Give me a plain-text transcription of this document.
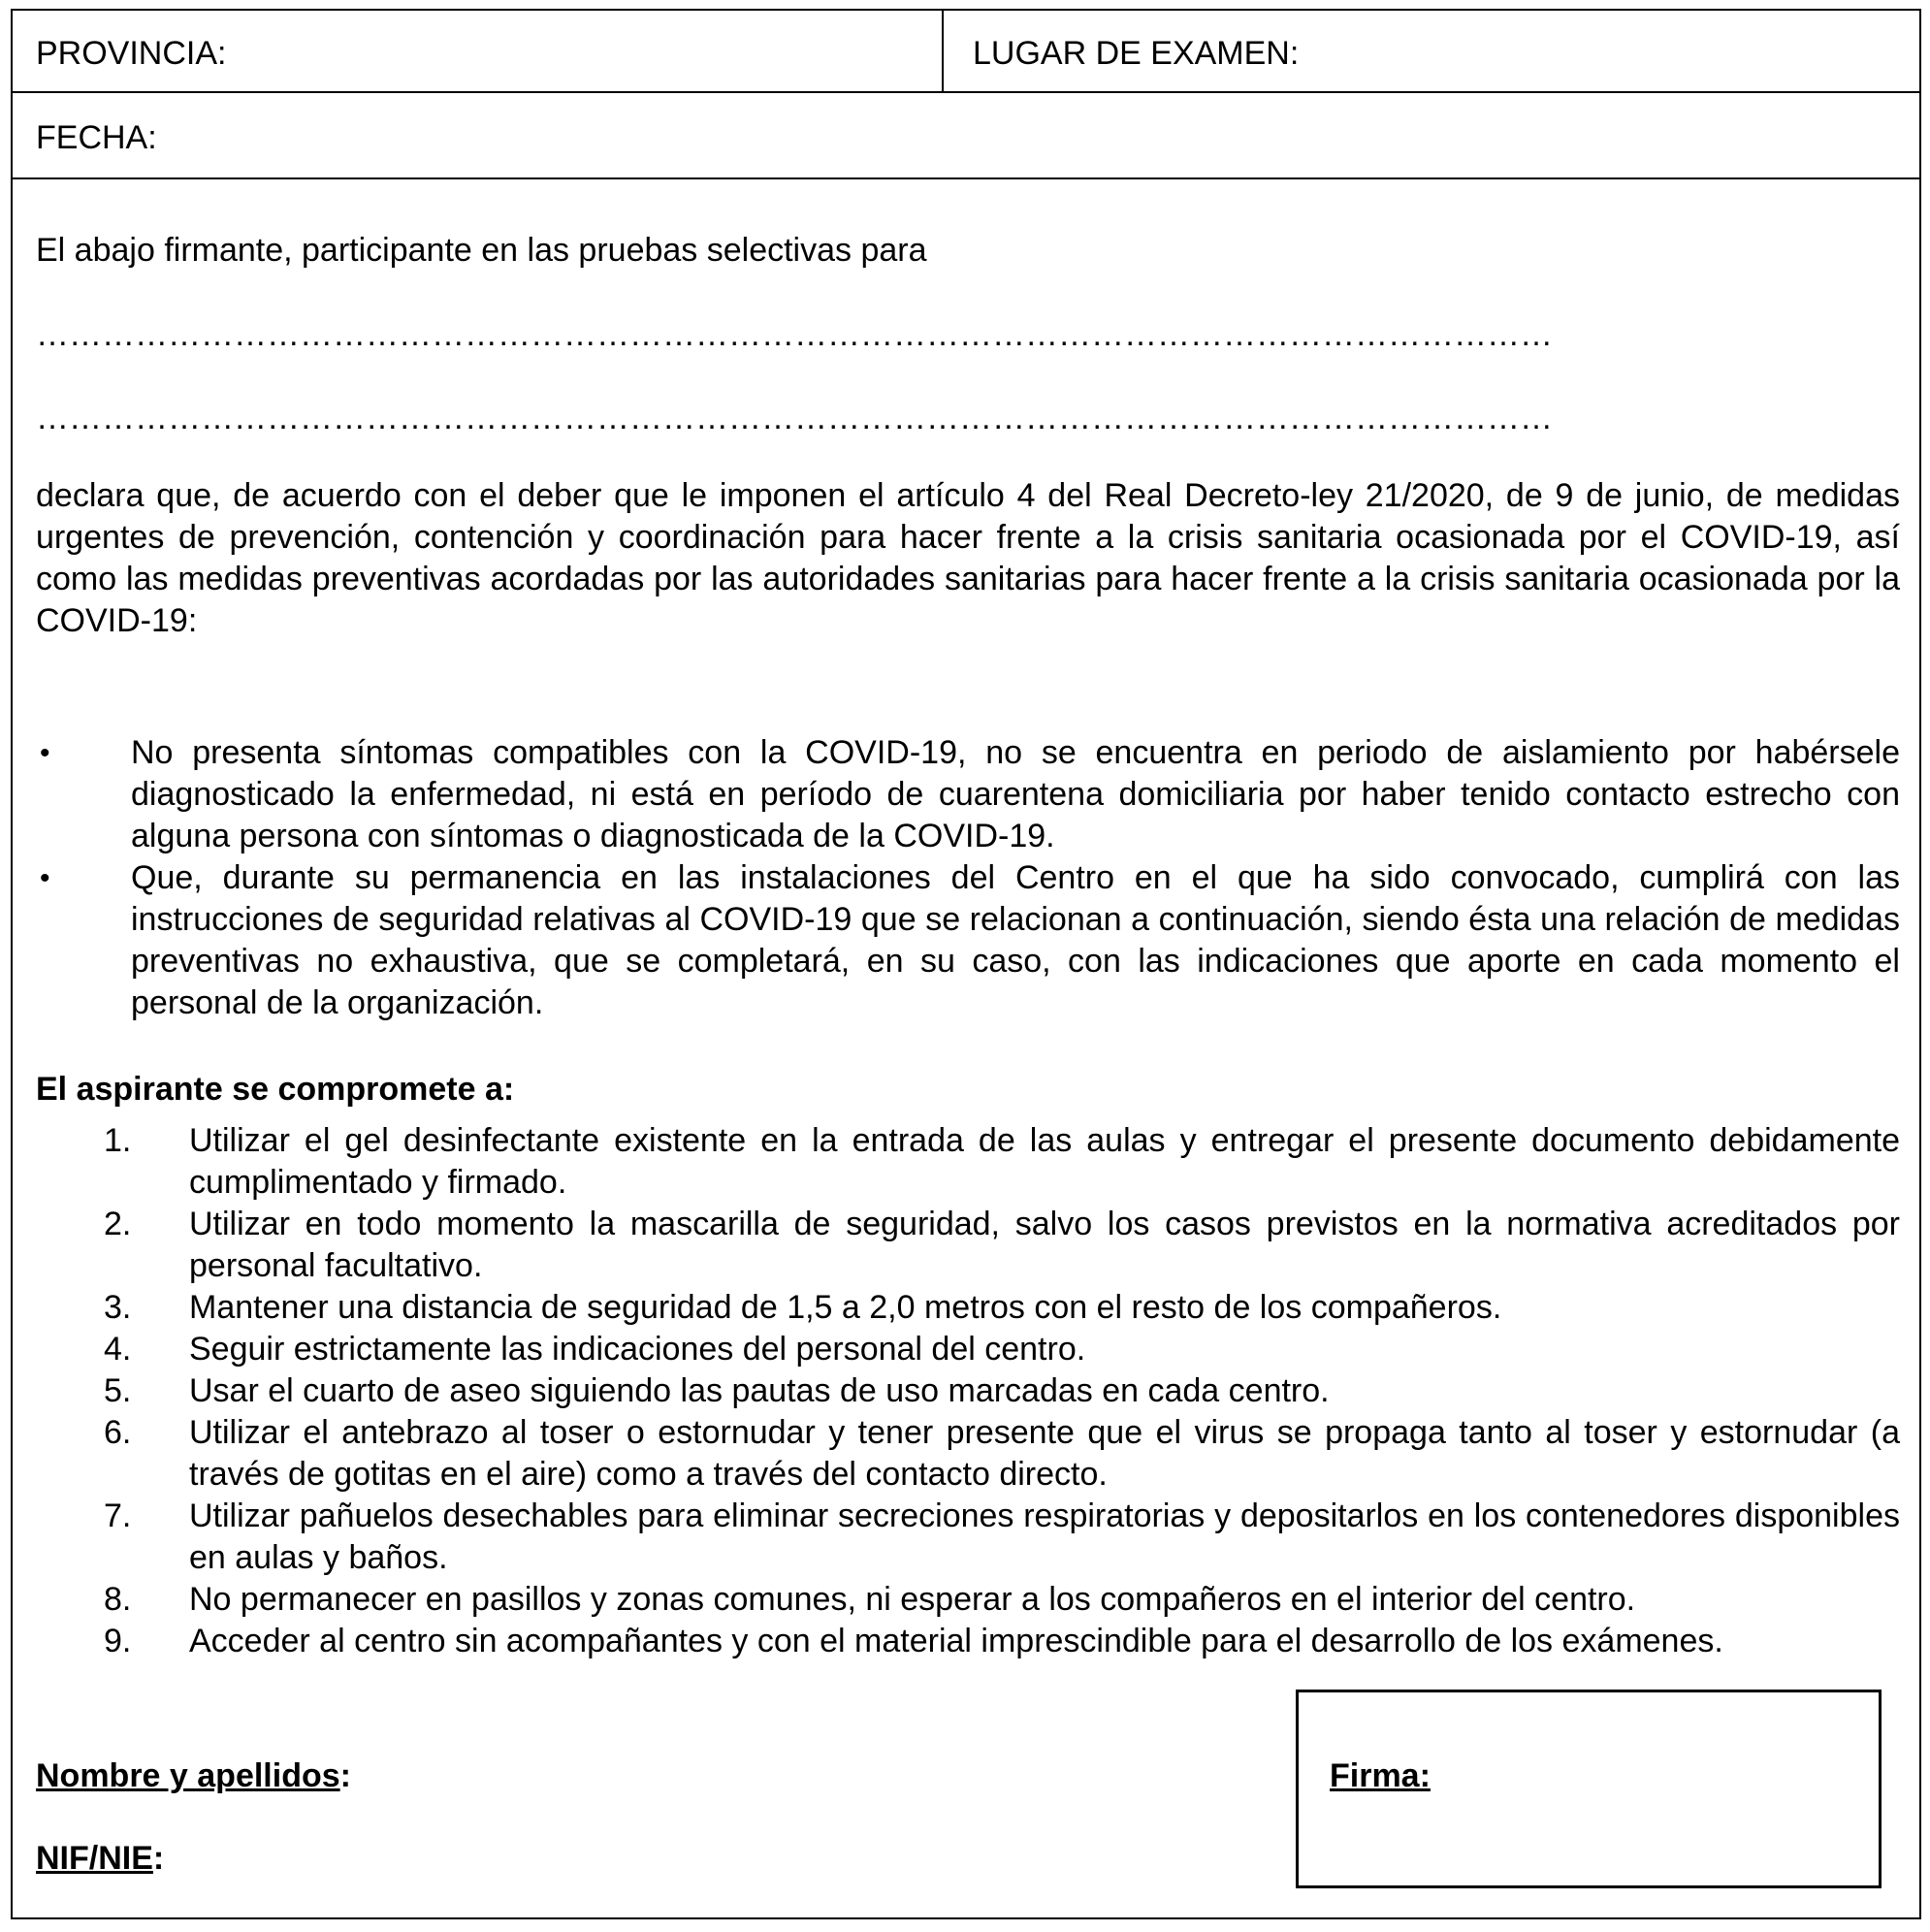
PROVINCIA:	LUGAR DE EXAMEN:
FECHA:
El abajo firmante, participante en las pruebas selectivas para
…………………………………………………………………………………………………………………………
…………………………………………………………………………………………………………………………
declara que, de acuerdo con el deber que le imponen el artículo 4 del Real Decreto-ley 21/2020, de 9 de junio, de medidas urgentes de prevención, contención y coordinación para hacer frente a la crisis sanitaria ocasionada por el COVID-19, así como las medidas preventivas acordadas por las autoridades sanitarias para hacer frente a la crisis sanitaria ocasionada por la COVID-19:
• No presenta síntomas compatibles con la COVID-19, no se encuentra en periodo de aislamiento por habérsele diagnosticado la enfermedad, ni está en período de cuarentena domiciliaria por haber tenido contacto estrecho con alguna persona con síntomas o diagnosticada de la COVID-19.
• Que, durante su permanencia en las instalaciones del Centro en el que ha sido convocado, cumplirá con las instrucciones de seguridad relativas al COVID-19 que se relacionan a continuación, siendo ésta una relación de medidas preventivas no exhaustiva, que se completará, en su caso, con las indicaciones que aporte en cada momento el personal de la organización.
El aspirante se compromete a:
1. Utilizar el gel desinfectante existente en la entrada de las aulas y entregar el presente documento debidamente cumplimentado y firmado.
2. Utilizar en todo momento la mascarilla de seguridad, salvo los casos previstos en la normativa acreditados por personal facultativo.
3. Mantener una distancia de seguridad de 1,5 a 2,0 metros con el resto de los compañeros.
4. Seguir estrictamente las indicaciones del personal del centro.
5. Usar el cuarto de aseo siguiendo las pautas de uso marcadas en cada centro.
6. Utilizar el antebrazo al toser o estornudar y tener presente que el virus se propaga tanto al toser y estornudar (a través de gotitas en el aire) como a través del contacto directo.
7. Utilizar pañuelos desechables para eliminar secreciones respiratorias y depositarlos en los contenedores disponibles en aulas y baños.
8. No permanecer en pasillos y zonas comunes, ni esperar a los compañeros en el interior del centro.
9. Acceder al centro sin acompañantes y con el material imprescindible para el desarrollo de los exámenes.
Nombre y apellidos:
NIF/NIE:
Firma:
